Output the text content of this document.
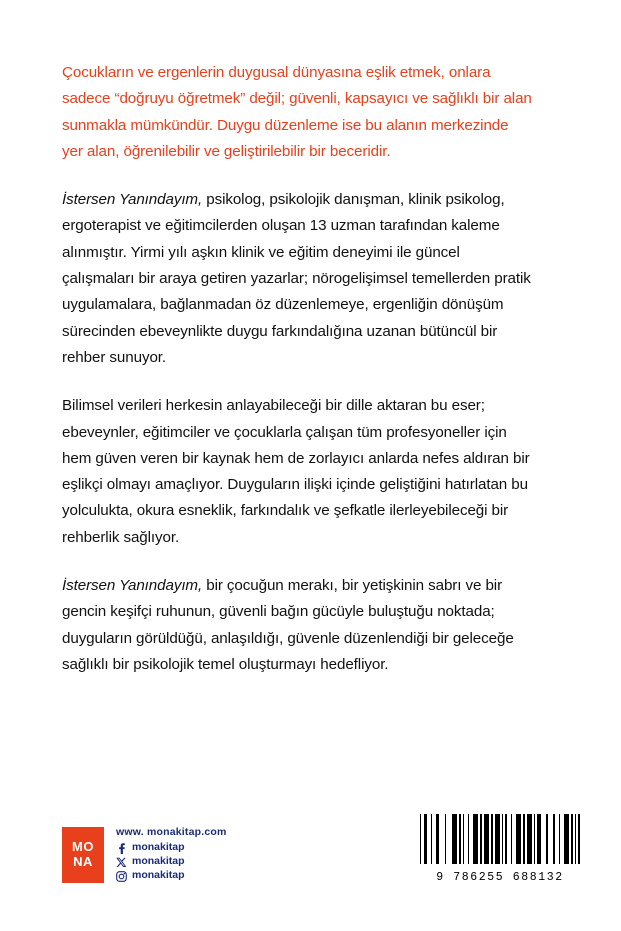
Çocukların ve ergenlerin duygusal dünyasına eşlik etmek, onlara sadece “doğruyu öğretmek” değil; güvenli, kapsayıcı ve sağlıklı bir alan sunmakla mümkündür. Duygu düzenleme ise bu alanın merkezinde yer alan, öğrenilebilir ve geliştirilebilir bir beceridir.

İstersen Yanındayım, psikolog, psikolojik danışman, klinik psikolog, ergoterapist ve eğitimcilerden oluşan 13 uzman tarafından kaleme alınmıştır. Yirmi yılı aşkın klinik ve eğitim deneyimi ile güncel çalışmaları bir araya getiren yazarlar; nörogelişimsel temellerden pratik uygulamalara, bağlanmadan öz düzenlemeye, ergenliğin dönüşüm sürecinden ebeveynlikte duygu farkındalığına uzanan bütüncül bir rehber sunuyor.

Bilimsel verileri herkesin anlayabileceği bir dille aktaran bu eser; ebeveynler, eğitimciler ve çocuklarla çalışan tüm profesyoneller için hem güven veren bir kaynak hem de zorlayıcı anlarda nefes aldıran bir eşlikçi olmayı amaçlıyor. Duyguların ilişki içinde geliştiğini hatırlatan bu yolculukta, okura esneklik, farkındalık ve şefkatle ilerleyebileceği bir rehberlik sağlıyor.

İstersen Yanındayım, bir çocuğun merakı, bir yetişkinin sabrı ve bir gencin keşifçi ruhunun, güvenli bağın gücüyle buluştuğu noktada; duyguların görüldüğü, anlaşıldığı, güvenle düzenlendiği bir geleceğe sağlıklı bir psikolojik temel oluşturmayı hedefliyor.

MO
NA
www. monakitap.com
monakitap
monakitap
monakitap	9 786255 688132
